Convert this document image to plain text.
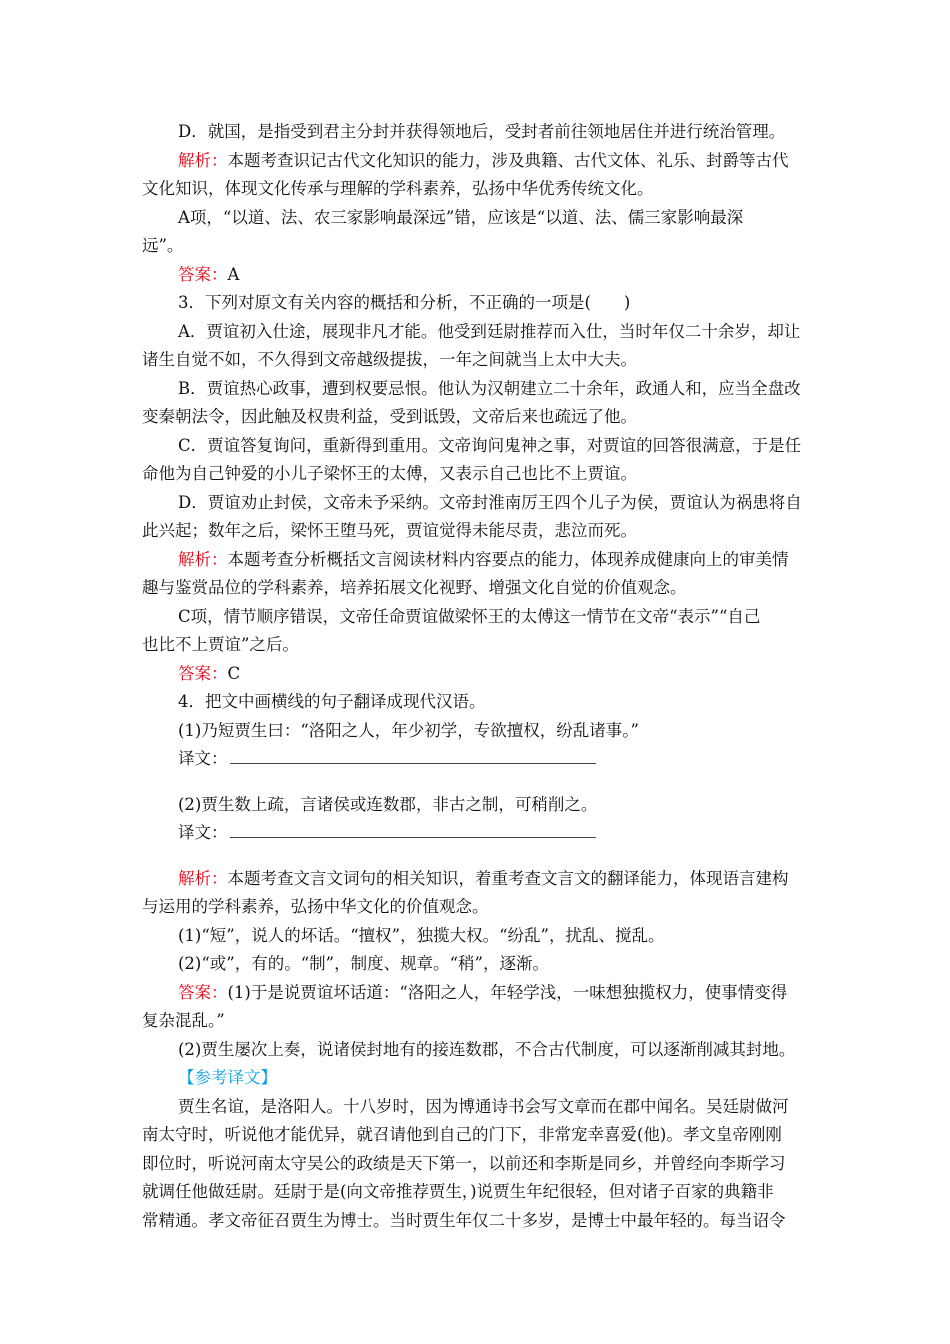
D．就国，是指受到君主分封并获得领地后，受封者前往领地居住并进行统治管理。
解析：本题考查识记古代文化知识的能力，涉及典籍、古代文体、礼乐、封爵等古代
文化知识，体现文化传承与理解的学科素养，弘扬中华优秀传统文化。
A项，“以道、法、农三家影响最深远”错，应该是“以道、法、儒三家影响最深
远”。
答案：A
3．下列对原文有关内容的概括和分析，不正确的一项是(　　)
A．贾谊初入仕途，展现非凡才能。他受到廷尉推荐而入仕，当时年仅二十余岁，却让
诸生自觉不如，不久得到文帝越级提拔，一年之间就当上太中大夫。
B．贾谊热心政事，遭到权要忌恨。他认为汉朝建立二十余年，政通人和，应当全盘改
变秦朝法令，因此触及权贵利益，受到诋毁，文帝后来也疏远了他。
C．贾谊答复询问，重新得到重用。文帝询问鬼神之事，对贾谊的回答很满意，于是任
命他为自己钟爱的小儿子梁怀王的太傅，又表示自己也比不上贾谊。
D．贾谊劝止封侯，文帝未予采纳。文帝封淮南厉王四个儿子为侯，贾谊认为祸患将自
此兴起；数年之后，梁怀王堕马死，贾谊觉得未能尽责，悲泣而死。
解析：本题考查分析概括文言阅读材料内容要点的能力，体现养成健康向上的审美情
趣与鉴赏品位的学科素养，培养拓展文化视野、增强文化自觉的价值观念。
C项，情节顺序错误，文帝任命贾谊做梁怀王的太傅这一情节在文帝“表示”“自己
也比不上贾谊”之后。
答案：C
4．把文中画横线的句子翻译成现代汉语。
(1)乃短贾生曰：“洛阳之人，年少初学，专欲擅权，纷乱诸事。”
译文：
(2)贾生数上疏，言诸侯或连数郡，非古之制，可稍削之。
译文：
解析：本题考查文言文词句的相关知识，着重考查文言文的翻译能力，体现语言建构
与运用的学科素养，弘扬中华文化的价值观念。
(1)“短”，说人的坏话。“擅权”，独揽大权。“纷乱”，扰乱、搅乱。
(2)“或”，有的。“制”，制度、规章。“稍”，逐渐。
答案：(1)于是说贾谊坏话道：“洛阳之人，年轻学浅，一味想独揽权力，使事情变得
复杂混乱。”
(2)贾生屡次上奏，说诸侯封地有的接连数郡，不合古代制度，可以逐渐削减其封地。
【参考译文】
贾生名谊，是洛阳人。十八岁时，因为博通诗书会写文章而在郡中闻名。吴廷尉做河
南太守时，听说他才能优异，就召请他到自己的门下，非常宠幸喜爱(他)。孝文皇帝刚刚
即位时，听说河南太守吴公的政绩是天下第一，以前还和李斯是同乡，并曾经向李斯学习
就调任他做廷尉。廷尉于是(向文帝推荐贾生，)说贾生年纪很轻，但对诸子百家的典籍非
常精通。孝文帝征召贾生为博士。当时贾生年仅二十多岁，是博士中最年轻的。每当诏令
